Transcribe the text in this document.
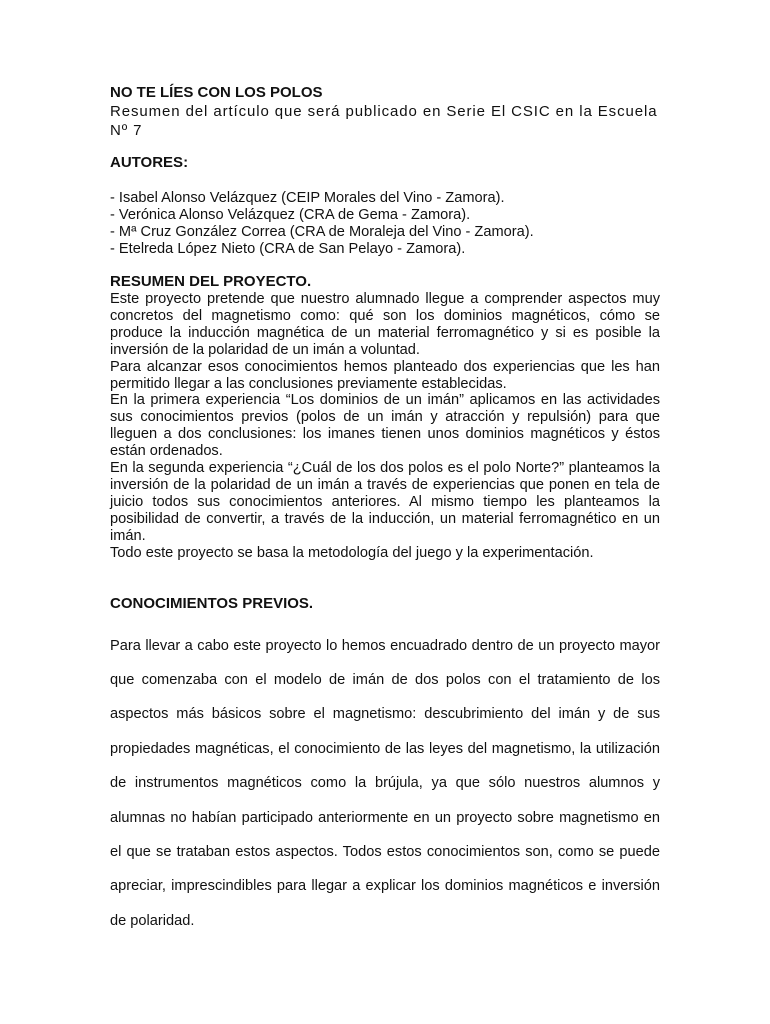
NO TE LÍES CON LOS POLOS

Resumen del artículo que será publicado en Serie El CSIC en la Escuela Nº 7

AUTORES:
- Isabel Alonso Velázquez (CEIP Morales del Vino - Zamora).
- Verónica Alonso Velázquez (CRA de Gema - Zamora).
- Mª Cruz González Correa (CRA de Moraleja del Vino - Zamora).
- Etelreda López Nieto (CRA de San Pelayo - Zamora).
RESUMEN DEL PROYECTO.

Este proyecto pretende que nuestro alumnado llegue a comprender aspectos muy concretos del magnetismo como: qué son los dominios magnéticos, cómo se produce la inducción magnética de un material ferromagnético y si es posible la inversión de la polaridad de un imán a voluntad.

Para alcanzar esos conocimientos hemos planteado dos experiencias que les han permitido llegar a las conclusiones previamente establecidas.

En la primera experiencia “Los dominios de un imán” aplicamos en las actividades sus conocimientos previos (polos de un imán y atracción y repulsión) para que lleguen a dos conclusiones: los imanes tienen unos dominios magnéticos y éstos están ordenados.

En la segunda experiencia “¿Cuál de los dos polos es el polo Norte?” planteamos la inversión de la polaridad de un imán a través de experiencias que ponen en tela de juicio todos sus conocimientos anteriores. Al mismo tiempo les planteamos la posibilidad de convertir, a través de la inducción, un material ferromagnético en un imán.

Todo este proyecto se basa la metodología del juego y la experimentación.

CONOCIMIENTOS PREVIOS.

Para llevar a cabo este proyecto lo hemos encuadrado dentro de un proyecto mayor que comenzaba con el modelo de imán de dos polos con el tratamiento de los aspectos más básicos sobre el magnetismo: descubrimiento del imán y de sus propiedades magnéticas, el conocimiento de las leyes del magnetismo, la utilización de instrumentos magnéticos como la brújula, ya que sólo nuestros alumnos y alumnas no habían participado anteriormente en un proyecto sobre magnetismo en el que se trataban estos aspectos. Todos estos conocimientos son, como se puede apreciar, imprescindibles para llegar a explicar los dominios magnéticos e inversión de polaridad.
